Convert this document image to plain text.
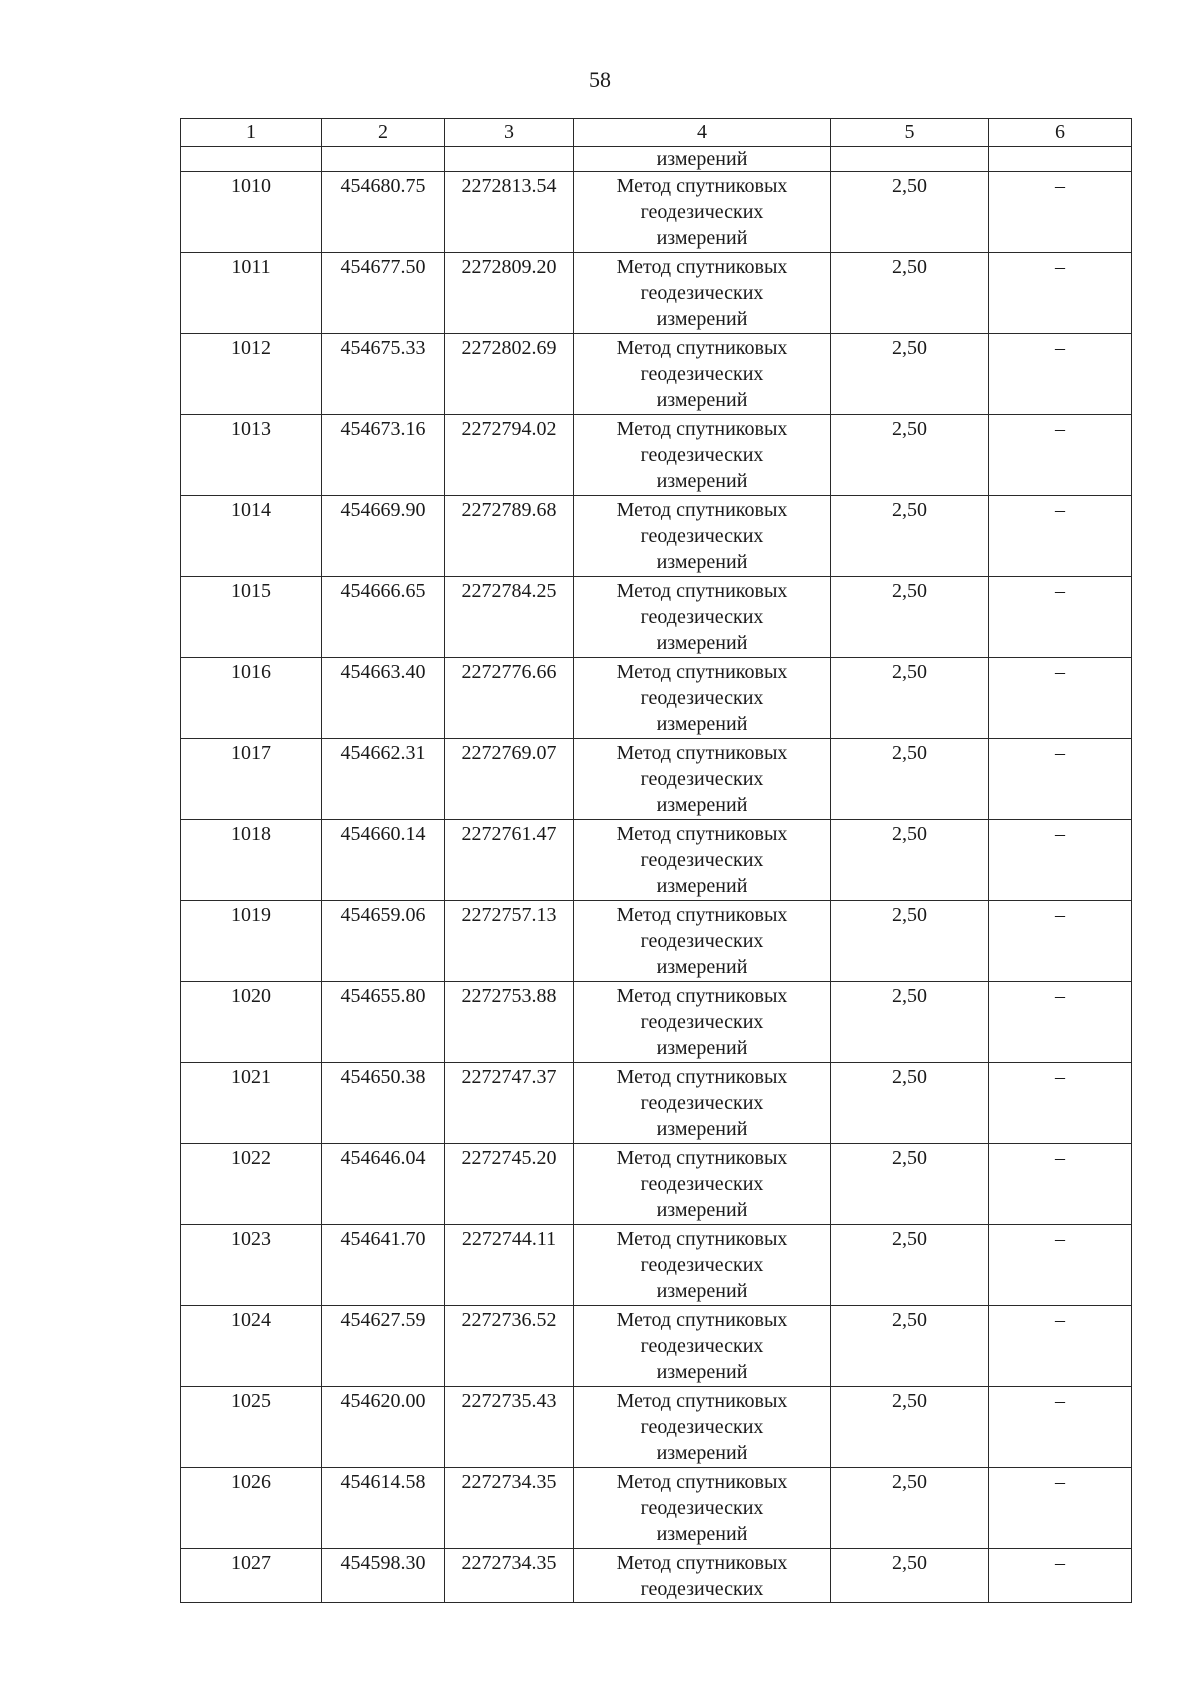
58
1	2	3	4	5	6
			измерений		
1010	454680.75	2272813.54	Метод спутниковых
геодезических
измерений	2,50	–
1011	454677.50	2272809.20	Метод спутниковых
геодезических
измерений	2,50	–
1012	454675.33	2272802.69	Метод спутниковых
геодезических
измерений	2,50	–
1013	454673.16	2272794.02	Метод спутниковых
геодезических
измерений	2,50	–
1014	454669.90	2272789.68	Метод спутниковых
геодезических
измерений	2,50	–
1015	454666.65	2272784.25	Метод спутниковых
геодезических
измерений	2,50	–
1016	454663.40	2272776.66	Метод спутниковых
геодезических
измерений	2,50	–
1017	454662.31	2272769.07	Метод спутниковых
геодезических
измерений	2,50	–
1018	454660.14	2272761.47	Метод спутниковых
геодезических
измерений	2,50	–
1019	454659.06	2272757.13	Метод спутниковых
геодезических
измерений	2,50	–
1020	454655.80	2272753.88	Метод спутниковых
геодезических
измерений	2,50	–
1021	454650.38	2272747.37	Метод спутниковых
геодезических
измерений	2,50	–
1022	454646.04	2272745.20	Метод спутниковых
геодезических
измерений	2,50	–
1023	454641.70	2272744.11	Метод спутниковых
геодезических
измерений	2,50	–
1024	454627.59	2272736.52	Метод спутниковых
геодезических
измерений	2,50	–
1025	454620.00	2272735.43	Метод спутниковых
геодезических
измерений	2,50	–
1026	454614.58	2272734.35	Метод спутниковых
геодезических
измерений	2,50	–
1027	454598.30	2272734.35	Метод спутниковых
геодезических	2,50	–
